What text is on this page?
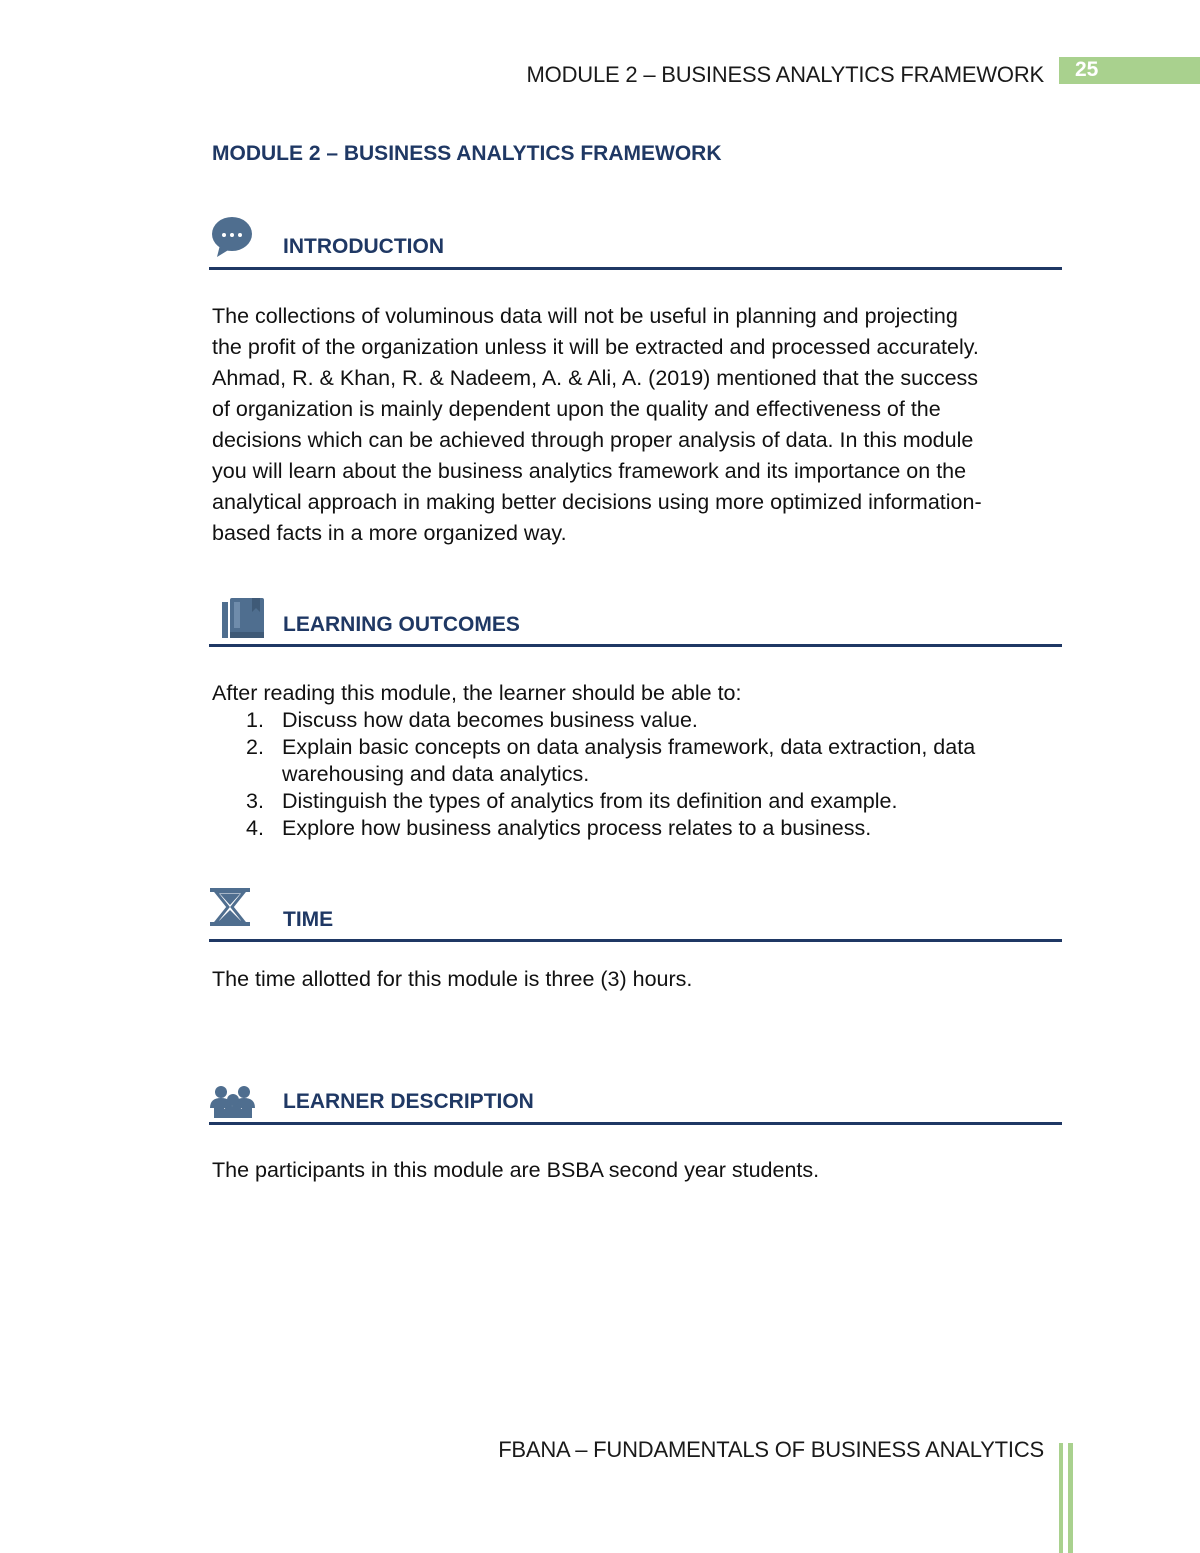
MODULE 2 – BUSINESS ANALYTICS FRAMEWORK	25
MODULE 2 – BUSINESS ANALYTICS FRAMEWORK
INTRODUCTION
The collections of voluminous data will not be useful in planning and projecting
the profit of the organization unless it will be extracted and processed accurately.
Ahmad, R. & Khan, R. & Nadeem, A. & Ali, A. (2019) mentioned that the success
of organization is mainly dependent upon the quality and effectiveness of the
decisions which can be achieved through proper analysis of data. In this module
you will learn about the business analytics framework and its importance on the
analytical approach in making better decisions using more optimized information-
based facts in a more organized way.
LEARNING OUTCOMES
After reading this module, the learner should be able to:
1. Discuss how data becomes business value.
2. Explain basic concepts on data analysis framework, data extraction, data warehousing and data analytics.
3. Distinguish the types of analytics from its definition and example.
4. Explore how business analytics process relates to a business.
TIME
The time allotted for this module is three (3) hours.
LEARNER DESCRIPTION
The participants in this module are BSBA second year students.
FBANA – FUNDAMENTALS OF BUSINESS ANALYTICS
